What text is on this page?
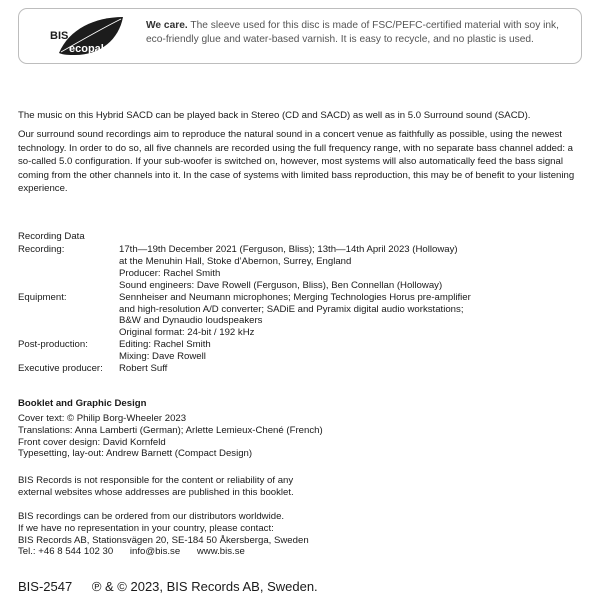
BIS
ecopak
We care. The sleeve used for this disc is made of FSC/PEFC-certified material with soy ink, eco-friendly glue and water-based varnish. It is easy to recycle, and no plastic is used.

The music on this Hybrid SACD can be played back in Stereo (CD and SACD) as well as in 5.0 Surround sound (SACD).

Our surround sound recordings aim to reproduce the natural sound in a concert venue as faithfully as possible, using the newest technology. In order to do so, all five channels are recorded using the full frequency range, with no separate bass channel added: a so-called 5.0 configuration. If your sub-woofer is switched on, however, most systems will also automatically feed the bass signal coming from the other channels into it. In the case of systems with limited bass reproduction, this may be of benefit to your listening experience.

Recording Data

Recording:	17th—19th December 2021 (Ferguson, Bliss); 13th—14th April 2023 (Holloway)
at the Menuhin Hall, Stoke d’Abernon, Surrey, England
Producer: Rachel Smith
Sound engineers: Dave Rowell (Ferguson, Bliss), Ben Connellan (Holloway)
Equipment:	Sennheiser and Neumann microphones; Merging Technologies Horus pre-amplifier
and high-resolution A/D converter; SADiE and Pyramix digital audio workstations;
B&W and Dynaudio loudspeakers
Original format: 24-bit / 192 kHz
Post-production:	Editing: Rachel Smith
Mixing: Dave Rowell
Executive producer:	Robert Suff

Booklet and Graphic Design

Cover text: © Philip Borg-Wheeler 2023
Translations: Anna Lamberti (German); Arlette Lemieux-Chené (French)
Front cover design: David Kornfeld
Typesetting, lay-out: Andrew Barnett (Compact Design)
BIS Records is not responsible for the content or reliability of any
external websites whose addresses are published in this booklet.
BIS recordings can be ordered from our distributors worldwide.
If we have no representation in your country, please contact:
BIS Records AB, Stationsvägen 20, SE-184 50 Åkersberga, Sweden
Tel.: +46 8 544 102 30 info@bis.se www.bis.se
BIS-2547 ℗ & © 2023, BIS Records AB, Sweden.
